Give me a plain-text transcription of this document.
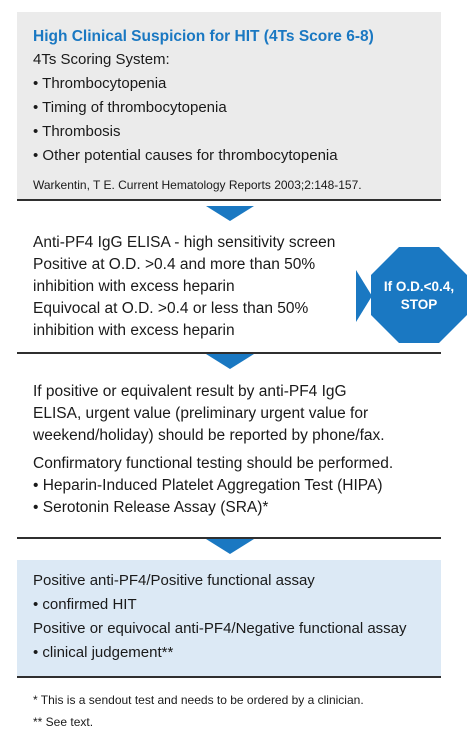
High Clinical Suspicion for HIT (4Ts Score 6-8)
4Ts Scoring System:
• Thrombocytopenia
• Timing of thrombocytopenia
• Thrombosis
• Other potential causes for thrombocytopenia
Warkentin, T E. Current Hematology Reports 2003;2:148-157.
Anti-PF4 IgG ELISA - high sensitivity screen
Positive at O.D. >0.4 and more than 50%
inhibition with excess heparin
Equivocal at O.D. >0.4 or less than 50%
inhibition with excess heparin
If O.D.<0.4,
STOP
If positive or equivalent result by anti-PF4 IgG
ELISA, urgent value (preliminary urgent value for
weekend/holiday) should be reported by phone/fax.
Confirmatory functional testing should be performed.
• Heparin-Induced Platelet Aggregation Test (HIPA)
• Serotonin Release Assay (SRA)*
Positive anti-PF4/Positive functional assay
• confirmed HIT
Positive or equivocal anti-PF4/Negative functional assay
• clinical judgement**
* This is a sendout test and needs to be ordered by a clinician.
** See text.
